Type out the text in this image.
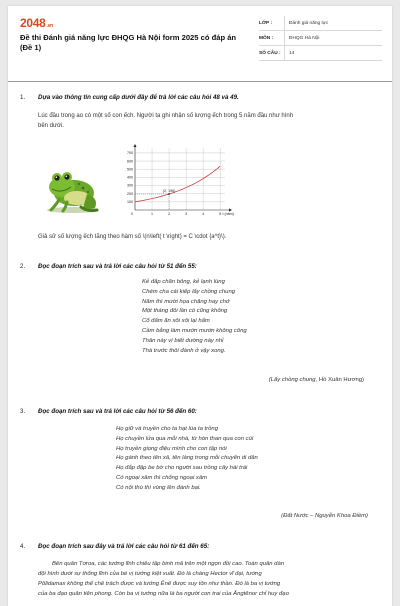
2048.vn
Đề thi Đánh giá năng lực ĐHQG Hà Nội form 2025 có đáp án (Đề 1)
LỚP :	Đánh giá năng lực
MÔN :	ĐHQG Hà Nội
SỐ CÂU :	14
1. Dựa vào thông tin cung cấp dưới đây để trả lời các câu hỏi 48 và 49.
Lúc đầu trong ao có một số con ếch. Người ta ghi nhận số lượng ếch trong 5 năm đầu như hình
bên dưới.
Giả sử số lượng ếch tăng theo hàm số \(n\left( t \right) = C \cdot {a^t}\).
100
200
300
400
500
600
700
0	1	2	3	4	5 t (năm)
(2; 196)
2. Đọc đoạn trích sau và trả lời các câu hỏi từ 51 đến 55:
Kẻ đắp chăn bông, kẻ lạnh lùng
Chém cha cái kiếp lấy chồng chung
Năm thì mười họa chăng hay chớ
Một tháng đôi lần có cũng không
Cố đấm ăn xôi xôi lại hẩm
Cầm bằng làm mướn mướn không công
Thân này ví biết dường này nhỉ
Thà trước thôi đành ở vậy xong.
(Lấy chồng chung, Hồ Xuân Hương)
3. Đọc đoạn trích sau và trả lời các câu hỏi từ 56 đến 60:
Họ giữ và truyền cho ta hạt lúa ta trồng
Họ chuyền lửa qua mỗi nhà, từ hòn than qua con cúi
Họ truyền giọng điệu mình cho con tập nói
Họ gánh theo tên xã, tên làng trong mỗi chuyến di dân
Họ đắp đập be bờ cho người sau trồng cây hái trái
Có ngoại xâm thì chống ngoại xâm
Có nội thù thì vùng lên đánh bại.
(Đất Nước – Nguyễn Khoa Điềm)
4. Đọc đoạn trích sau đây và trả lời các câu hỏi từ 61 đến 65:
Bên quân Tơroa, các tướng lĩnh chiêu tập binh mã trên một ngọn đồi cao. Toàn quân dàn
đội hình dưới sự thống lĩnh của bé vị tướng kiệt xuất. Đó là chàng Hector vĩ đại, tướng
Pôlidamax không thể chê trách được và tướng Ênê được suy tôn như thần. Đó là ba vị tướng
của ba đạo quân tiên phong. Còn ba vị tướng nữa là ba người con trai của Ăngtênor chỉ huy đạo
